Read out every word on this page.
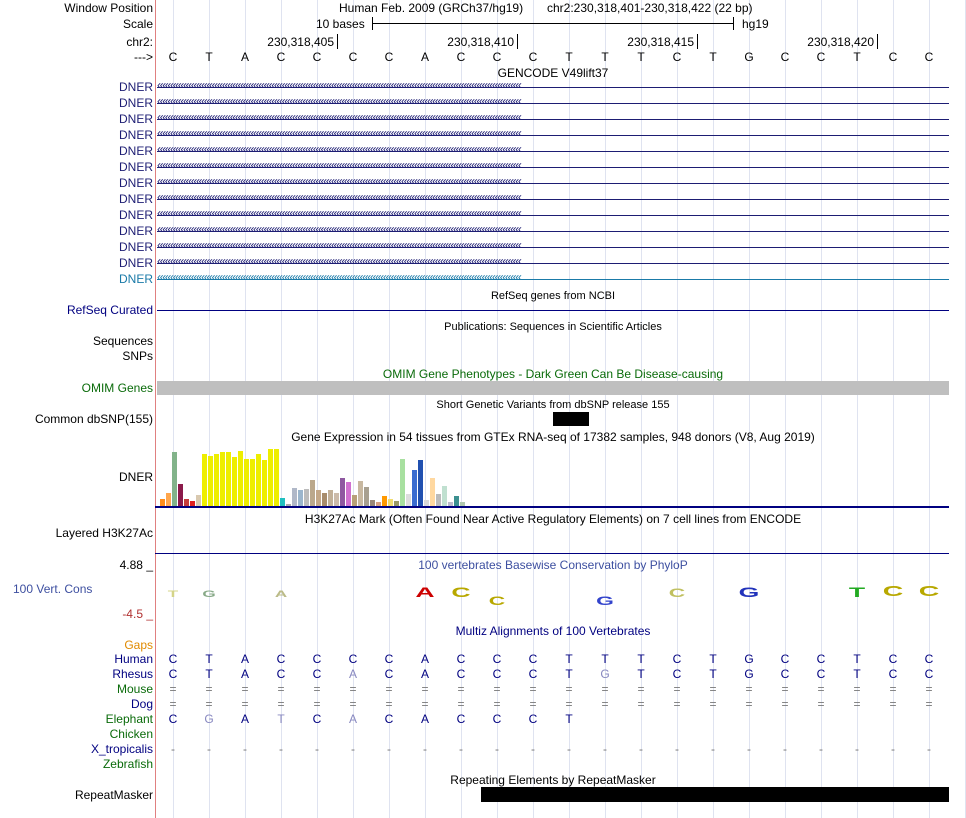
Window Position
Scale
chr2:
--->
Human Feb. 2009 (GRCh37/hg19) chr2:230,318,401-230,318,422 (22 bp)
10 bases	hg19
230,318,405	230,318,410	230,318,415	230,318,420
C T A C C C C A C C C T T T C T G C C T C C
GENCODE V49lift37
DNER ‹‹‹‹‹‹‹‹‹‹‹‹‹‹‹‹‹‹‹‹‹‹‹‹‹‹‹‹‹‹‹‹‹‹‹‹‹‹‹‹‹‹‹‹‹‹‹‹‹‹‹‹‹‹‹‹‹‹‹‹‹‹‹‹‹‹‹‹‹‹‹‹‹‹‹‹‹‹‹‹‹‹‹‹‹‹‹‹‹‹‹‹‹‹‹‹‹‹‹‹‹‹‹‹‹‹‹‹‹‹‹‹‹‹‹‹‹‹‹‹‹‹‹‹‹‹‹‹‹‹‹‹‹‹‹‹‹‹‹‹
DNER ‹‹‹‹‹‹‹‹‹‹‹‹‹‹‹‹‹‹‹‹‹‹‹‹‹‹‹‹‹‹‹‹‹‹‹‹‹‹‹‹‹‹‹‹‹‹‹‹‹‹‹‹‹‹‹‹‹‹‹‹‹‹‹‹‹‹‹‹‹‹‹‹‹‹‹‹‹‹‹‹‹‹‹‹‹‹‹‹‹‹‹‹‹‹‹‹‹‹‹‹‹‹‹‹‹‹‹‹‹‹‹‹‹‹‹‹‹‹‹‹‹‹‹‹‹‹‹‹‹‹‹‹‹‹‹‹‹‹‹‹
DNER ‹‹‹‹‹‹‹‹‹‹‹‹‹‹‹‹‹‹‹‹‹‹‹‹‹‹‹‹‹‹‹‹‹‹‹‹‹‹‹‹‹‹‹‹‹‹‹‹‹‹‹‹‹‹‹‹‹‹‹‹‹‹‹‹‹‹‹‹‹‹‹‹‹‹‹‹‹‹‹‹‹‹‹‹‹‹‹‹‹‹‹‹‹‹‹‹‹‹‹‹‹‹‹‹‹‹‹‹‹‹‹‹‹‹‹‹‹‹‹‹‹‹‹‹‹‹‹‹‹‹‹‹‹‹‹‹‹‹‹‹
DNER ‹‹‹‹‹‹‹‹‹‹‹‹‹‹‹‹‹‹‹‹‹‹‹‹‹‹‹‹‹‹‹‹‹‹‹‹‹‹‹‹‹‹‹‹‹‹‹‹‹‹‹‹‹‹‹‹‹‹‹‹‹‹‹‹‹‹‹‹‹‹‹‹‹‹‹‹‹‹‹‹‹‹‹‹‹‹‹‹‹‹‹‹‹‹‹‹‹‹‹‹‹‹‹‹‹‹‹‹‹‹‹‹‹‹‹‹‹‹‹‹‹‹‹‹‹‹‹‹‹‹‹‹‹‹‹‹‹‹‹‹
DNER ‹‹‹‹‹‹‹‹‹‹‹‹‹‹‹‹‹‹‹‹‹‹‹‹‹‹‹‹‹‹‹‹‹‹‹‹‹‹‹‹‹‹‹‹‹‹‹‹‹‹‹‹‹‹‹‹‹‹‹‹‹‹‹‹‹‹‹‹‹‹‹‹‹‹‹‹‹‹‹‹‹‹‹‹‹‹‹‹‹‹‹‹‹‹‹‹‹‹‹‹‹‹‹‹‹‹‹‹‹‹‹‹‹‹‹‹‹‹‹‹‹‹‹‹‹‹‹‹‹‹‹‹‹‹‹‹‹‹‹‹
DNER ‹‹‹‹‹‹‹‹‹‹‹‹‹‹‹‹‹‹‹‹‹‹‹‹‹‹‹‹‹‹‹‹‹‹‹‹‹‹‹‹‹‹‹‹‹‹‹‹‹‹‹‹‹‹‹‹‹‹‹‹‹‹‹‹‹‹‹‹‹‹‹‹‹‹‹‹‹‹‹‹‹‹‹‹‹‹‹‹‹‹‹‹‹‹‹‹‹‹‹‹‹‹‹‹‹‹‹‹‹‹‹‹‹‹‹‹‹‹‹‹‹‹‹‹‹‹‹‹‹‹‹‹‹‹‹‹‹‹‹‹
DNER ‹‹‹‹‹‹‹‹‹‹‹‹‹‹‹‹‹‹‹‹‹‹‹‹‹‹‹‹‹‹‹‹‹‹‹‹‹‹‹‹‹‹‹‹‹‹‹‹‹‹‹‹‹‹‹‹‹‹‹‹‹‹‹‹‹‹‹‹‹‹‹‹‹‹‹‹‹‹‹‹‹‹‹‹‹‹‹‹‹‹‹‹‹‹‹‹‹‹‹‹‹‹‹‹‹‹‹‹‹‹‹‹‹‹‹‹‹‹‹‹‹‹‹‹‹‹‹‹‹‹‹‹‹‹‹‹‹‹‹‹
DNER ‹‹‹‹‹‹‹‹‹‹‹‹‹‹‹‹‹‹‹‹‹‹‹‹‹‹‹‹‹‹‹‹‹‹‹‹‹‹‹‹‹‹‹‹‹‹‹‹‹‹‹‹‹‹‹‹‹‹‹‹‹‹‹‹‹‹‹‹‹‹‹‹‹‹‹‹‹‹‹‹‹‹‹‹‹‹‹‹‹‹‹‹‹‹‹‹‹‹‹‹‹‹‹‹‹‹‹‹‹‹‹‹‹‹‹‹‹‹‹‹‹‹‹‹‹‹‹‹‹‹‹‹‹‹‹‹‹‹‹‹
DNER ‹‹‹‹‹‹‹‹‹‹‹‹‹‹‹‹‹‹‹‹‹‹‹‹‹‹‹‹‹‹‹‹‹‹‹‹‹‹‹‹‹‹‹‹‹‹‹‹‹‹‹‹‹‹‹‹‹‹‹‹‹‹‹‹‹‹‹‹‹‹‹‹‹‹‹‹‹‹‹‹‹‹‹‹‹‹‹‹‹‹‹‹‹‹‹‹‹‹‹‹‹‹‹‹‹‹‹‹‹‹‹‹‹‹‹‹‹‹‹‹‹‹‹‹‹‹‹‹‹‹‹‹‹‹‹‹‹‹‹‹
DNER ‹‹‹‹‹‹‹‹‹‹‹‹‹‹‹‹‹‹‹‹‹‹‹‹‹‹‹‹‹‹‹‹‹‹‹‹‹‹‹‹‹‹‹‹‹‹‹‹‹‹‹‹‹‹‹‹‹‹‹‹‹‹‹‹‹‹‹‹‹‹‹‹‹‹‹‹‹‹‹‹‹‹‹‹‹‹‹‹‹‹‹‹‹‹‹‹‹‹‹‹‹‹‹‹‹‹‹‹‹‹‹‹‹‹‹‹‹‹‹‹‹‹‹‹‹‹‹‹‹‹‹‹‹‹‹‹‹‹‹‹
DNER ‹‹‹‹‹‹‹‹‹‹‹‹‹‹‹‹‹‹‹‹‹‹‹‹‹‹‹‹‹‹‹‹‹‹‹‹‹‹‹‹‹‹‹‹‹‹‹‹‹‹‹‹‹‹‹‹‹‹‹‹‹‹‹‹‹‹‹‹‹‹‹‹‹‹‹‹‹‹‹‹‹‹‹‹‹‹‹‹‹‹‹‹‹‹‹‹‹‹‹‹‹‹‹‹‹‹‹‹‹‹‹‹‹‹‹‹‹‹‹‹‹‹‹‹‹‹‹‹‹‹‹‹‹‹‹‹‹‹‹‹
DNER ‹‹‹‹‹‹‹‹‹‹‹‹‹‹‹‹‹‹‹‹‹‹‹‹‹‹‹‹‹‹‹‹‹‹‹‹‹‹‹‹‹‹‹‹‹‹‹‹‹‹‹‹‹‹‹‹‹‹‹‹‹‹‹‹‹‹‹‹‹‹‹‹‹‹‹‹‹‹‹‹‹‹‹‹‹‹‹‹‹‹‹‹‹‹‹‹‹‹‹‹‹‹‹‹‹‹‹‹‹‹‹‹‹‹‹‹‹‹‹‹‹‹‹‹‹‹‹‹‹‹‹‹‹‹‹‹‹‹‹‹
DNER ‹‹‹‹‹‹‹‹‹‹‹‹‹‹‹‹‹‹‹‹‹‹‹‹‹‹‹‹‹‹‹‹‹‹‹‹‹‹‹‹‹‹‹‹‹‹‹‹‹‹‹‹‹‹‹‹‹‹‹‹‹‹‹‹‹‹‹‹‹‹‹‹‹‹‹‹‹‹‹‹‹‹‹‹‹‹‹‹‹‹‹‹‹‹‹‹‹‹‹‹‹‹‹‹‹‹‹‹‹‹‹‹‹‹‹‹‹‹‹‹‹‹‹‹‹‹‹‹‹‹‹‹‹‹‹‹‹‹‹‹
RefSeq genes from NCBI
RefSeq Curated
Publications: Sequences in Scientific Articles
Sequences
SNPs
OMIM Gene Phenotypes - Dark Green Can Be Disease-causing
OMIM Genes
Short Genetic Variants from dbSNP release 155
Common dbSNP(155)
Gene Expression in 54 tissues from GTEx RNA-seq of 17382 samples, 948 donors (V8, Aug 2019)
DNER
H3K27Ac Mark (Often Found Near Active Regulatory Elements) on 7 cell lines from ENCODE
Layered H3K27Ac
100 vertebrates Basewise Conservation by PhyloP
4.88 _
100 Vert. Cons
-4.5 _
T	G	A	A	C
C	G
C	G	T	C	C
Multiz Alignments of 100 Vertebrates
Gaps
Human C T A C C C C A C C C T T T C T G C C T C C
Rhesus C T A C C A C A C C C T G T C T G C C T C C
Mouse = = = = = = = = = = = = = = = = = = = = = =
Dog = = = = = = = = = = = = = = = = = = = = = =
Elephant C G A T C A C A C C C T
Chicken
X_tropicalis -	-	-	-	-	-	-	-	-	-	-	-	-	-	-	-	-	-	-	-	-	-
Zebrafish
Repeating Elements by RepeatMasker
RepeatMasker
